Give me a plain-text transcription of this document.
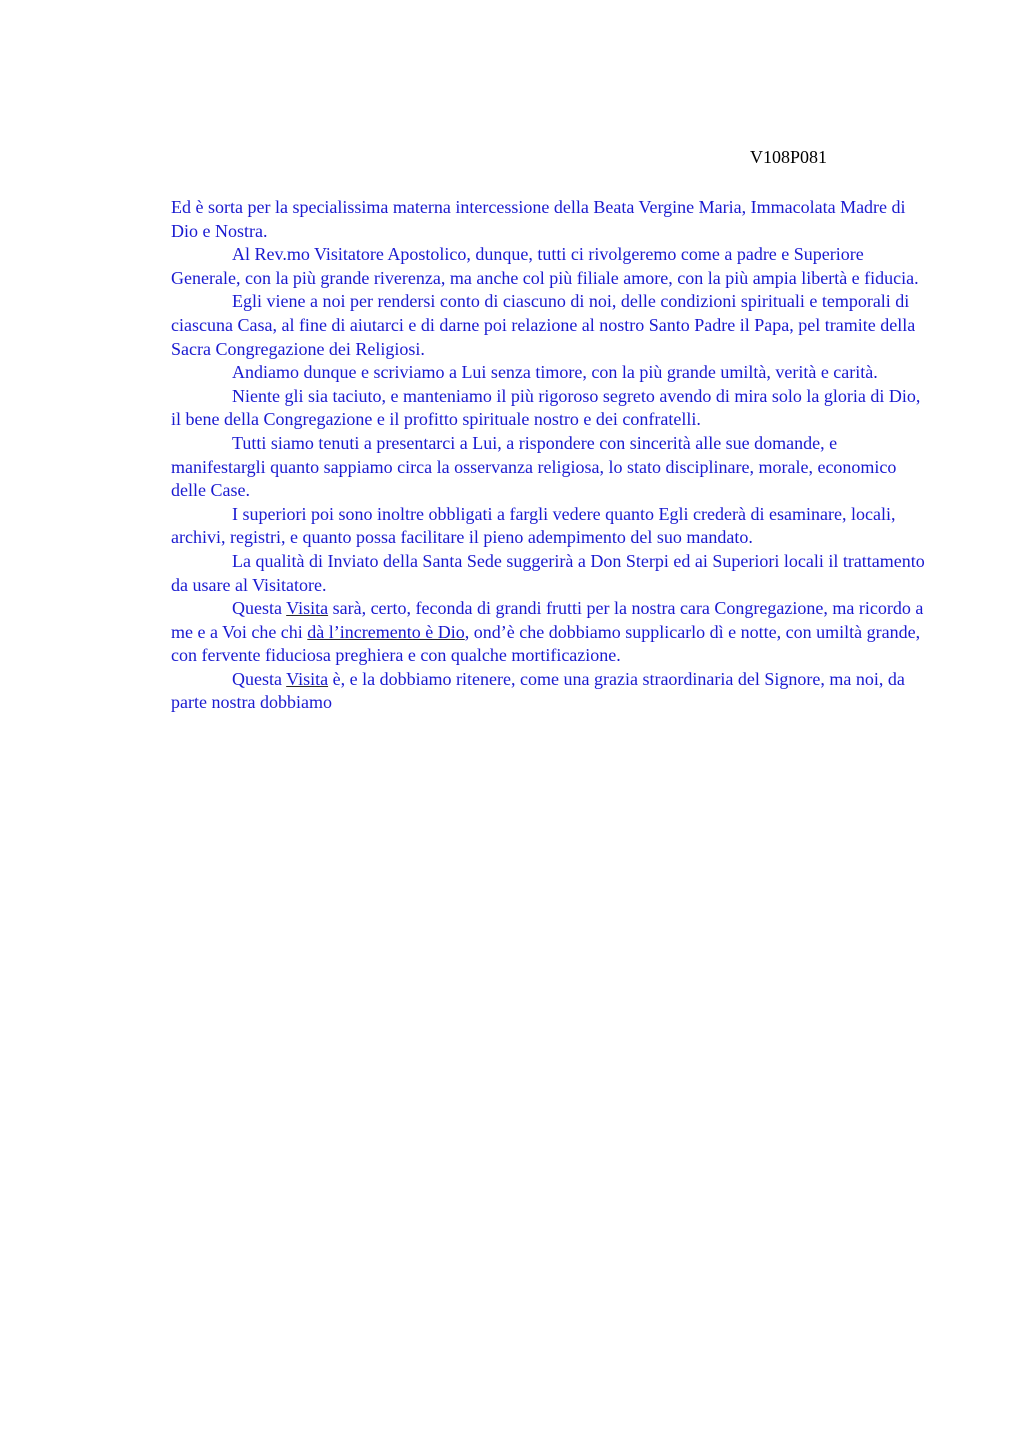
V108P081

Ed è sorta per la specialissima materna intercessione della Beata Vergine Maria, Immacolata Madre di Dio e Nostra.

Al Rev.mo Visitatore Apostolico, dunque, tutti ci rivolgeremo come a padre e Superiore Generale, con la più grande riverenza, ma anche col più filiale amore, con la più ampia libertà e fiducia.

Egli viene a noi per rendersi conto di ciascuno di noi, delle condizioni spirituali e temporali di ciascuna Casa, al fine di aiutarci e di darne poi relazione al nostro Santo Padre il Papa, pel tramite della Sacra Congregazione dei Religiosi.

Andiamo dunque e scriviamo a Lui senza timore, con la più grande umiltà, verità e carità.

Niente gli sia taciuto, e manteniamo il più rigoroso segreto avendo di mira solo la gloria di Dio, il bene della Congregazione e il profitto spirituale nostro e dei confratelli.

Tutti siamo tenuti a presentarci a Lui, a rispondere con sincerità alle sue domande, e manifestargli quanto sappiamo circa la osservanza religiosa, lo stato disciplinare, morale, economico delle Case.

I superiori poi sono inoltre obbligati a fargli vedere quanto Egli crederà di esaminare, locali, archivi, registri, e quanto possa facilitare il pieno adempimento del suo mandato.

La qualità di Inviato della Santa Sede suggerirà a Don Sterpi ed ai Superiori locali il trattamento da usare al Visitatore.

Questa Visita sarà, certo, feconda di grandi frutti per la nostra cara Congregazione, ma ricordo a me e a Voi che chi dà l’incremento è Dio, ond’è che dobbiamo supplicarlo dì e notte, con umiltà grande, con fervente fiduciosa preghiera e con qualche mortificazione.

Questa Visita è, e la dobbiamo ritenere, come una grazia straordinaria del Signore, ma noi, da parte nostra dobbiamo
